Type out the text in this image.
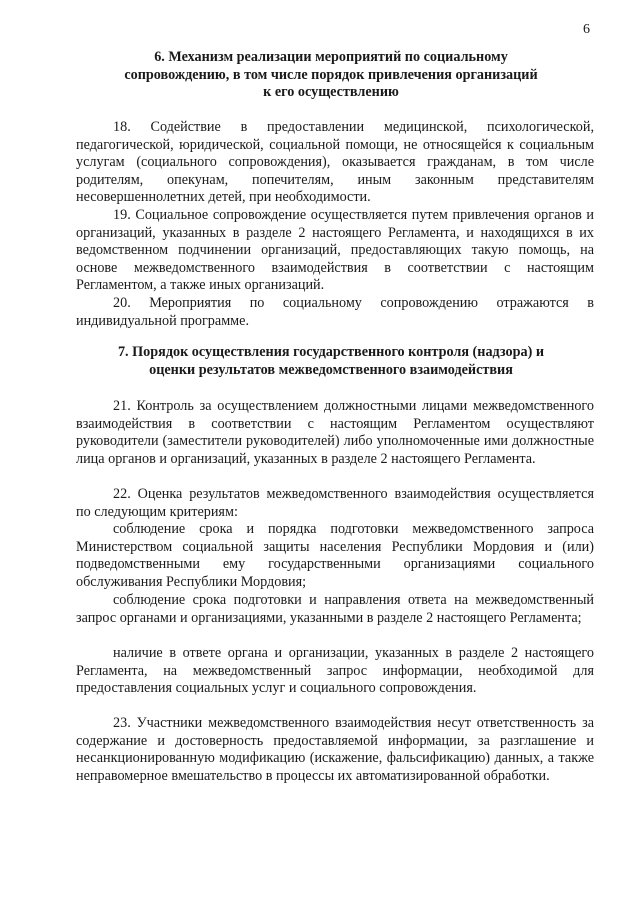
6
6. Механизм реализации мероприятий по социальному
сопровождению, в том числе порядок привлечения организаций
к его осуществлению

18. Содействие в предоставлении медицинской, психологической, педагогической, юридической, социальной помощи, не относящейся к социальным услугам (социального сопровождения), оказывается гражданам, в том числе родителям, опекунам, попечителям, иным законным представителям несовершеннолетних детей, при необходимости.

19. Социальное сопровождение осуществляется путем привлечения органов и организаций, указанных в разделе 2 настоящего Регламента, и находящихся в их ведомственном подчинении организаций, предоставляющих такую помощь, на основе межведомственного взаимодействия в соответствии с настоящим Регламентом, а также иных организаций.

20. Мероприятия по социальному сопровождению отражаются в индивидуальной программе.

7. Порядок осуществления государственного контроля (надзора) и
оценки результатов межведомственного взаимодействия

21. Контроль за осуществлением должностными лицами межведомственного взаимодействия в соответствии с настоящим Регламентом осуществляют руководители (заместители руководителей) либо уполномоченные ими должностные лица органов и организаций, указанных в разделе 2 настоящего Регламента.

22. Оценка результатов межведомственного взаимодействия осуществляется по следующим критериям:

соблюдение срока и порядка подготовки межведомственного запроса Министерством социальной защиты населения Республики Мордовия и (или) подведомственными ему государственными организациями социального обслуживания Республики Мордовия;

соблюдение срока подготовки и направления ответа на межведомственный запрос органами и организациями, указанными в разделе 2 настоящего Регламента;

наличие в ответе органа и организации, указанных в разделе 2 настоящего Регламента, на межведомственный запрос информации, необходимой для предоставления социальных услуг и социального сопровождения.

23. Участники межведомственного взаимодействия несут ответственность за содержание и достоверность предоставляемой информации, за разглашение и несанкционированную модификацию (искажение, фальсификацию) данных, а также неправомерное вмешательство в процессы их автоматизированной обработки.
